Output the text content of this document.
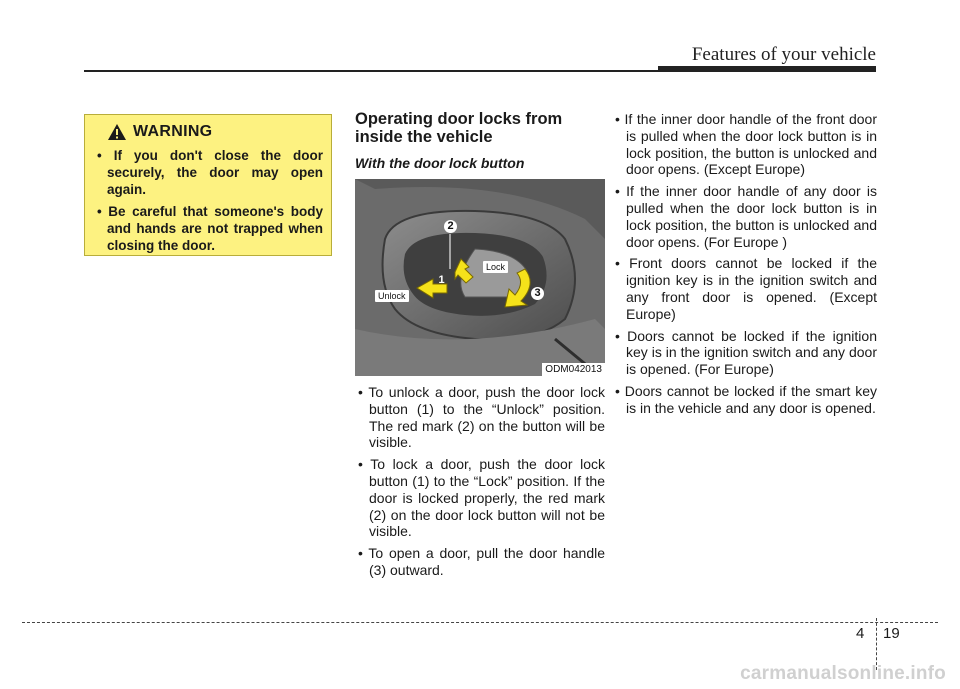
Features of your vehicle
WARNING
• If you don't close the door securely, the door may open again.
• Be careful that someone's body and hands are not trapped when closing the door.
Operating door locks from inside the vehicle
With the door lock button
Lock
Unlock
2
1
3
ODM042013
• To unlock a door, push the door lock button (1) to the “Unlock” position. The red mark (2) on the button will be visible.
• To lock a door, push the door lock button (1) to the “Lock” position. If the door is locked properly, the red mark (2) on the door lock button will not be visible.
• To open a door, pull the door handle (3) outward.
• If the inner door handle of the front door is pulled when the door lock button is in lock position, the button is unlocked and door opens. (Except Europe)
• If the inner door handle of any door is pulled when the door lock button is in lock position, the button is unlocked and door opens. (For Europe )
• Front doors cannot be locked if the ignition key is in the ignition switch and any front door is opened. (Except Europe)
• Doors cannot be locked if the ignition key is in the ignition switch and any door is opened. (For Europe)
• Doors cannot be locked if the smart key is in the vehicle and any door is opened.
4 19
carmanualsonline.info
